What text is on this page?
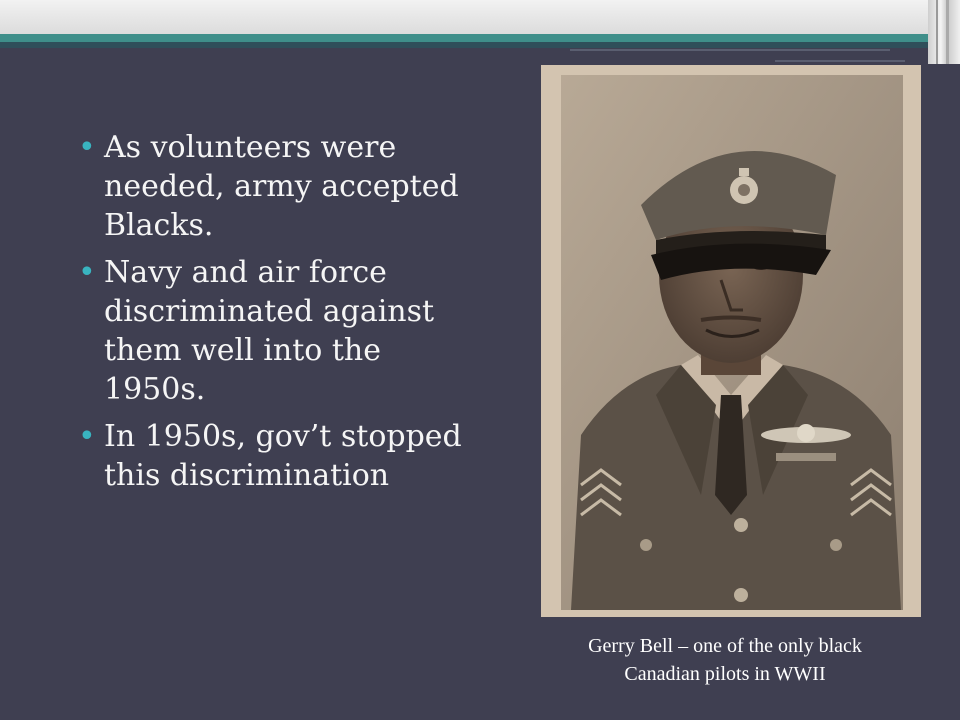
• As volunteers were needed, army accepted Blacks.
• Navy and air force discriminated against them well into the 1950s.
• In 1950s, gov’t stopped this discrimination
Gerry Bell – one of the only black
Canadian pilots in WWII
